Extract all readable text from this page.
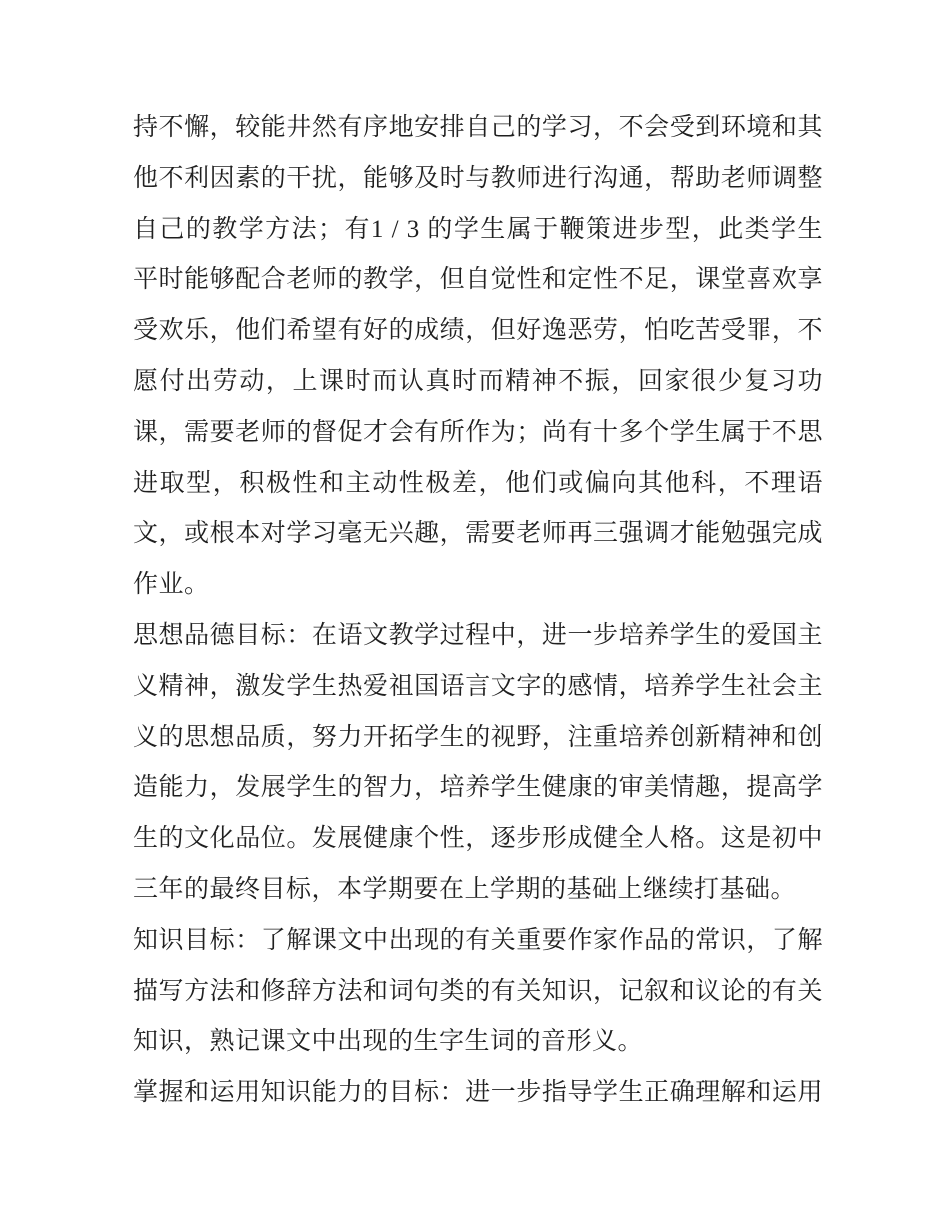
持不懈，较能井然有序地安排自己的学习，不会受到环境和其
他不利因素的干扰，能够及时与教师进行沟通，帮助老师调整
自己的教学方法；有1 / 3 的学生属于鞭策进步型，此类学生
平时能够配合老师的教学，但自觉性和定性不足，课堂喜欢享
受欢乐，他们希望有好的成绩，但好逸恶劳，怕吃苦受罪，不
愿付出劳动，上课时而认真时而精神不振，回家很少复习功
课，需要老师的督促才会有所作为；尚有十多个学生属于不思
进取型，积极性和主动性极差，他们或偏向其他科，不理语
文，或根本对学习毫无兴趣，需要老师再三强调才能勉强完成
作业。
思想品德目标：在语文教学过程中，进一步培养学生的爱国主
义精神，激发学生热爱祖国语言文字的感情，培养学生社会主
义的思想品质，努力开拓学生的视野，注重培养创新精神和创
造能力，发展学生的智力，培养学生健康的审美情趣，提高学
生的文化品位。发展健康个性，逐步形成健全人格。这是初中
三年的最终目标，本学期要在上学期的基础上继续打基础。
知识目标：了解课文中出现的有关重要作家作品的常识，了解
描写方法和修辞方法和词句类的有关知识，记叙和议论的有关
知识，熟记课文中出现的生字生词的音形义。
掌握和运用知识能力的目标：进一步指导学生正确理解和运用
